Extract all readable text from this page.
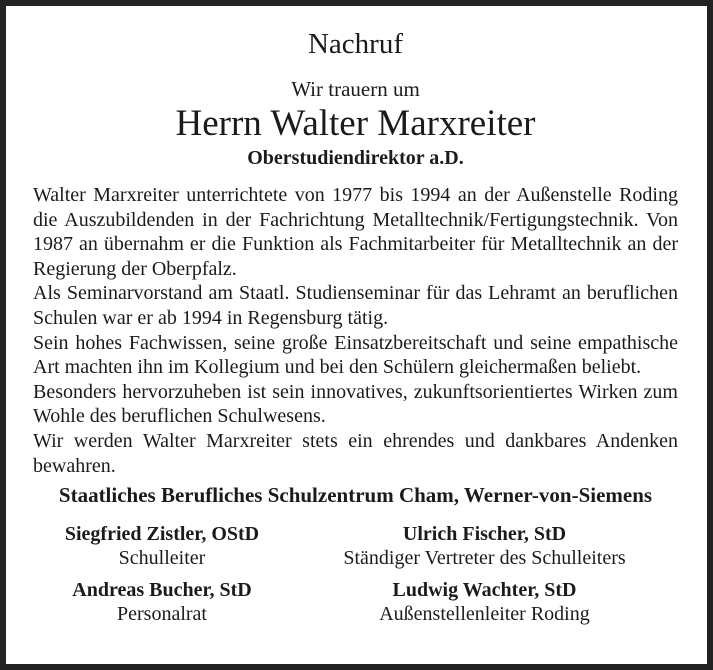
Nachruf
Wir trauern um
Herrn Walter Marxreiter
Oberstudiendirektor a.D.

Walter Marxreiter unterrichtete von 1977 bis 1994 an der Außenstelle Roding die Auszubildenden in der Fachrichtung Metalltechnik/Fertigungstechnik. Von 1987 an übernahm er die Funktion als Fachmitarbeiter für Metalltechnik an der Regierung der Oberpfalz.

Als Seminarvorstand am Staatl. Studienseminar für das Lehramt an beruflichen Schulen war er ab 1994 in Regensburg tätig.

Sein hohes Fachwissen, seine große Einsatzbereitschaft und seine empathische Art machten ihn im Kollegium und bei den Schülern gleichermaßen beliebt.

Besonders hervorzuheben ist sein innovatives, zukunftsorientiertes Wirken zum Wohle des beruflichen Schulwesens.

Wir werden Walter Marxreiter stets ein ehrendes und dankbares Andenken bewahren.

Staatliches Berufliches Schulzentrum Cham, Werner-von-Siemens
Siegfried Zistler, OStD
Schulleiter
Ulrich Fischer, StD
Ständiger Vertreter des Schulleiters
Andreas Bucher, StD
Personalrat
Ludwig Wachter, StD
Außenstellenleiter Roding
